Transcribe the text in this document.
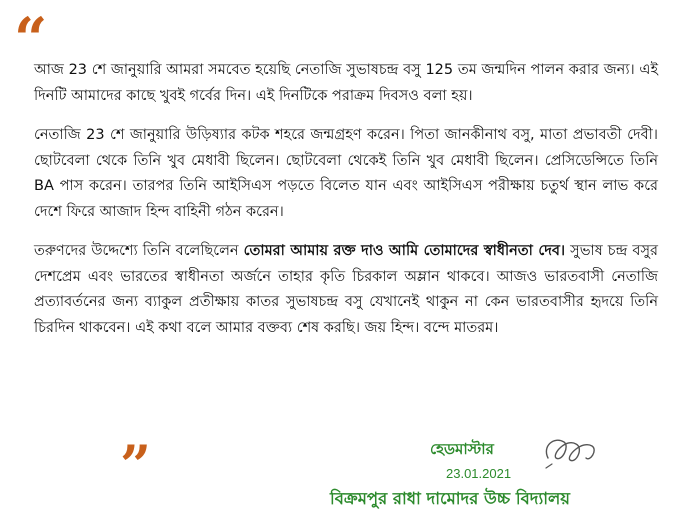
“

আজ 23 শে জানুয়ারি আমরা সমবেত হয়েছি নেতাজি সুভাষচন্দ্র বসু 125 তম জন্মদিন পালন করার জন্য। এই দিনটি আমাদের কাছে খুবই গর্বের দিন। এই দিনটিকে পরাক্রম দিবসও বলা হয়।

নেতাজি 23 শে জানুয়ারি উড়িষ্যার কটক শহরে জন্মগ্রহণ করেন। পিতা জানকীনাথ বসু, মাতা প্রভাবতী দেবী। ছোটবেলা থেকে তিনি খুব মেধাবী ছিলেন। ছোটবেলা থেকেই তিনি খুব মেধাবী ছিলেন। প্রেসিডেন্সিতে তিনি BA পাস করেন। তারপর তিনি আইসিএস পড়তে বিলেত যান এবং আইসিএস পরীক্ষায় চতুর্থ স্থান লাভ করে দেশে ফিরে আজাদ হিন্দ বাহিনী গঠন করেন।

তরুণদের উদ্দেশ্যে তিনি বলেছিলেন তোমরা আমায় রক্ত দাও আমি তোমাদের স্বাধীনতা দেব। সুভাষ চন্দ্র বসুর দেশপ্রেম এবং ভারতের স্বাধীনতা অর্জনে তাহার কৃতি চিরকাল অম্লান থাকবে। আজও ভারতবাসী নেতাজি প্রত্যাবর্তনের জন্য ব্যাকুল প্রতীক্ষায় কাতর সুভাষচন্দ্র বসু যেখানেই থাকুন না কেন ভারতবাসীর হৃদয়ে তিনি চিরদিন থাকবেন। এই কথা বলে আমার বক্তব্য শেষ করছি। জয় হিন্দ। বন্দে মাতরম।

”	হেডমাস্টার
23.01.2021
বিক্রমপুর রাধা দামোদর উচ্চ বিদ্যালয়
